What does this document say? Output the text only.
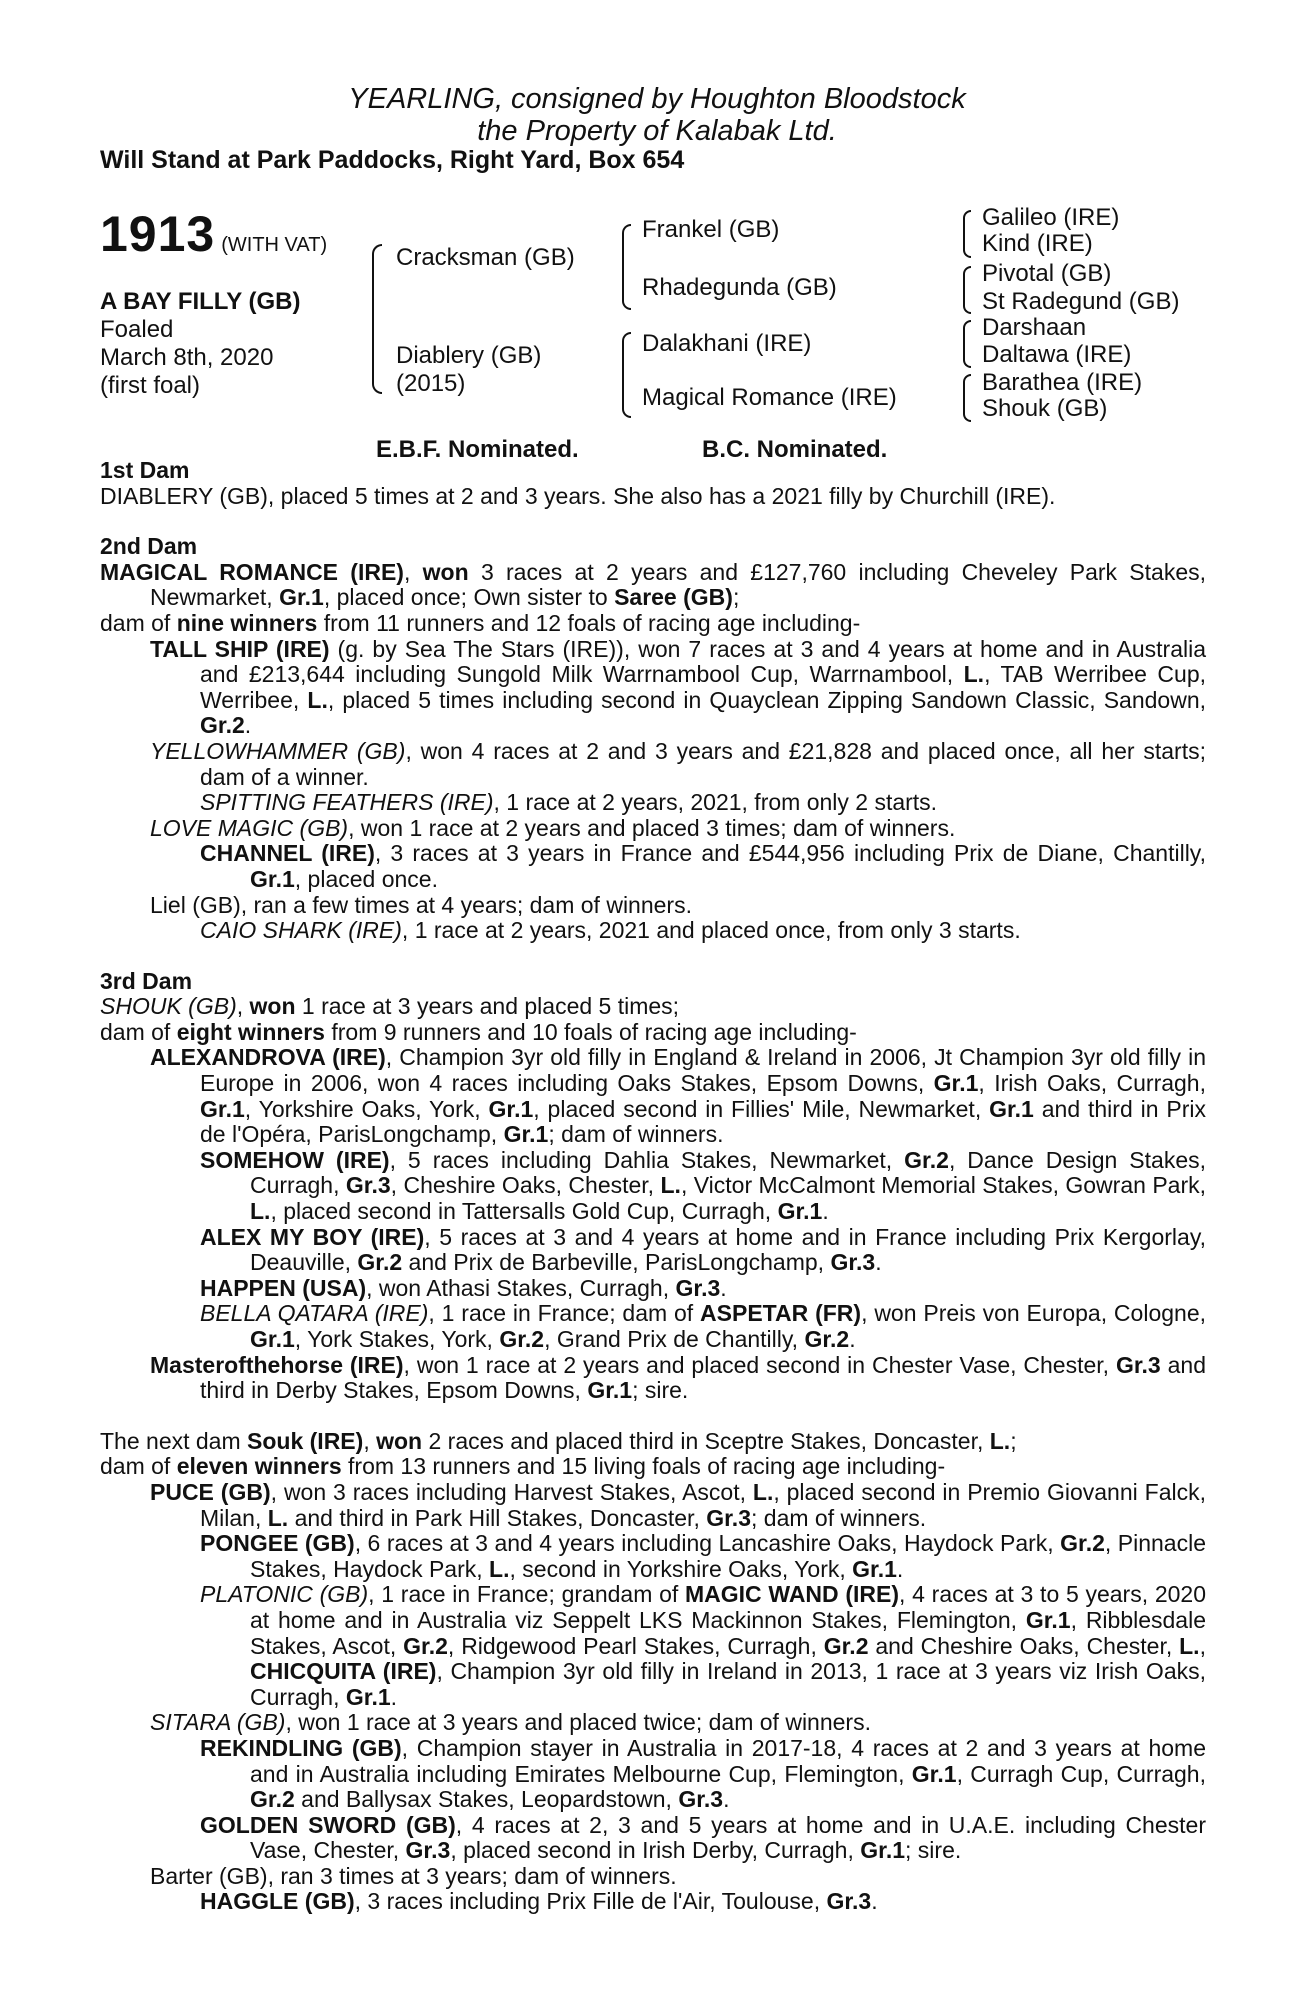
YEARLING, consigned by Houghton Bloodstock
the Property of Kalabak Ltd.
Will Stand at Park Paddocks, Right Yard, Box 654
1913 (WITH VAT)
A BAY FILLY (GB)
Foaled
March 8th, 2020
(first foal)
Cracksman (GB)
Diablery (GB)
(2015)
Frankel (GB)
Rhadegunda (GB)
Dalakhani (IRE)
Magical Romance (IRE)
Galileo (IRE)
Kind (IRE)
Pivotal (GB)
St Radegund (GB)
Darshaan
Daltawa (IRE)
Barathea (IRE)
Shouk (GB)
E.B.F. Nominated.	B.C. Nominated.

1st Dam

DIABLERY (GB), placed 5 times at 2 and 3 years. She also has a 2021 filly by Churchill (IRE).

2nd Dam

MAGICAL ROMANCE (IRE), won 3 races at 2 years and £127,760 including Cheveley Park Stakes, Newmarket, Gr.1, placed once; Own sister to Saree (GB);

dam of nine winners from 11 runners and 12 foals of racing age including-

TALL SHIP (IRE) (g. by Sea The Stars (IRE)), won 7 races at 3 and 4 years at home and in Australia and £213,644 including Sungold Milk Warrnambool Cup, Warrnambool, L., TAB Werribee Cup, Werribee, L., placed 5 times including second in Quayclean Zipping Sandown Classic, Sandown, Gr.2.

YELLOWHAMMER (GB), won 4 races at 2 and 3 years and £21,828 and placed once, all her starts; dam of a winner.

SPITTING FEATHERS (IRE), 1 race at 2 years, 2021, from only 2 starts.

LOVE MAGIC (GB), won 1 race at 2 years and placed 3 times; dam of winners.

CHANNEL (IRE), 3 races at 3 years in France and £544,956 including Prix de Diane, Chantilly, Gr.1, placed once.

Liel (GB), ran a few times at 4 years; dam of winners.

CAIO SHARK (IRE), 1 race at 2 years, 2021 and placed once, from only 3 starts.

3rd Dam

SHOUK (GB), won 1 race at 3 years and placed 5 times;

dam of eight winners from 9 runners and 10 foals of racing age including-

ALEXANDROVA (IRE), Champion 3yr old filly in England & Ireland in 2006, Jt Champion 3yr old filly in Europe in 2006, won 4 races including Oaks Stakes, Epsom Downs, Gr.1, Irish Oaks, Curragh, Gr.1, Yorkshire Oaks, York, Gr.1, placed second in Fillies' Mile, Newmarket, Gr.1 and third in Prix de l'Opéra, ParisLongchamp, Gr.1; dam of winners.

SOMEHOW (IRE), 5 races including Dahlia Stakes, Newmarket, Gr.2, Dance Design Stakes, Curragh, Gr.3, Cheshire Oaks, Chester, L., Victor McCalmont Memorial Stakes, Gowran Park, L., placed second in Tattersalls Gold Cup, Curragh, Gr.1.

ALEX MY BOY (IRE), 5 races at 3 and 4 years at home and in France including Prix Kergorlay, Deauville, Gr.2 and Prix de Barbeville, ParisLongchamp, Gr.3.

HAPPEN (USA), won Athasi Stakes, Curragh, Gr.3.

BELLA QATARA (IRE), 1 race in France; dam of ASPETAR (FR), won Preis von Europa, Cologne, Gr.1, York Stakes, York, Gr.2, Grand Prix de Chantilly, Gr.2.

Masterofthehorse (IRE), won 1 race at 2 years and placed second in Chester Vase, Chester, Gr.3 and third in Derby Stakes, Epsom Downs, Gr.1; sire.

The next dam Souk (IRE), won 2 races and placed third in Sceptre Stakes, Doncaster, L.;

dam of eleven winners from 13 runners and 15 living foals of racing age including-

PUCE (GB), won 3 races including Harvest Stakes, Ascot, L., placed second in Premio Giovanni Falck, Milan, L. and third in Park Hill Stakes, Doncaster, Gr.3; dam of winners.

PONGEE (GB), 6 races at 3 and 4 years including Lancashire Oaks, Haydock Park, Gr.2, Pinnacle Stakes, Haydock Park, L., second in Yorkshire Oaks, York, Gr.1.

PLATONIC (GB), 1 race in France; grandam of MAGIC WAND (IRE), 4 races at 3 to 5 years, 2020 at home and in Australia viz Seppelt LKS Mackinnon Stakes, Flemington, Gr.1, Ribblesdale Stakes, Ascot, Gr.2, Ridgewood Pearl Stakes, Curragh, Gr.2 and Cheshire Oaks, Chester, L., CHICQUITA (IRE), Champion 3yr old filly in Ireland in 2013, 1 race at 3 years viz Irish Oaks, Curragh, Gr.1.

SITARA (GB), won 1 race at 3 years and placed twice; dam of winners.

REKINDLING (GB), Champion stayer in Australia in 2017-18, 4 races at 2 and 3 years at home and in Australia including Emirates Melbourne Cup, Flemington, Gr.1, Curragh Cup, Curragh, Gr.2 and Ballysax Stakes, Leopardstown, Gr.3.

GOLDEN SWORD (GB), 4 races at 2, 3 and 5 years at home and in U.A.E. including Chester Vase, Chester, Gr.3, placed second in Irish Derby, Curragh, Gr.1; sire.

Barter (GB), ran 3 times at 3 years; dam of winners.

HAGGLE (GB), 3 races including Prix Fille de l'Air, Toulouse, Gr.3.
